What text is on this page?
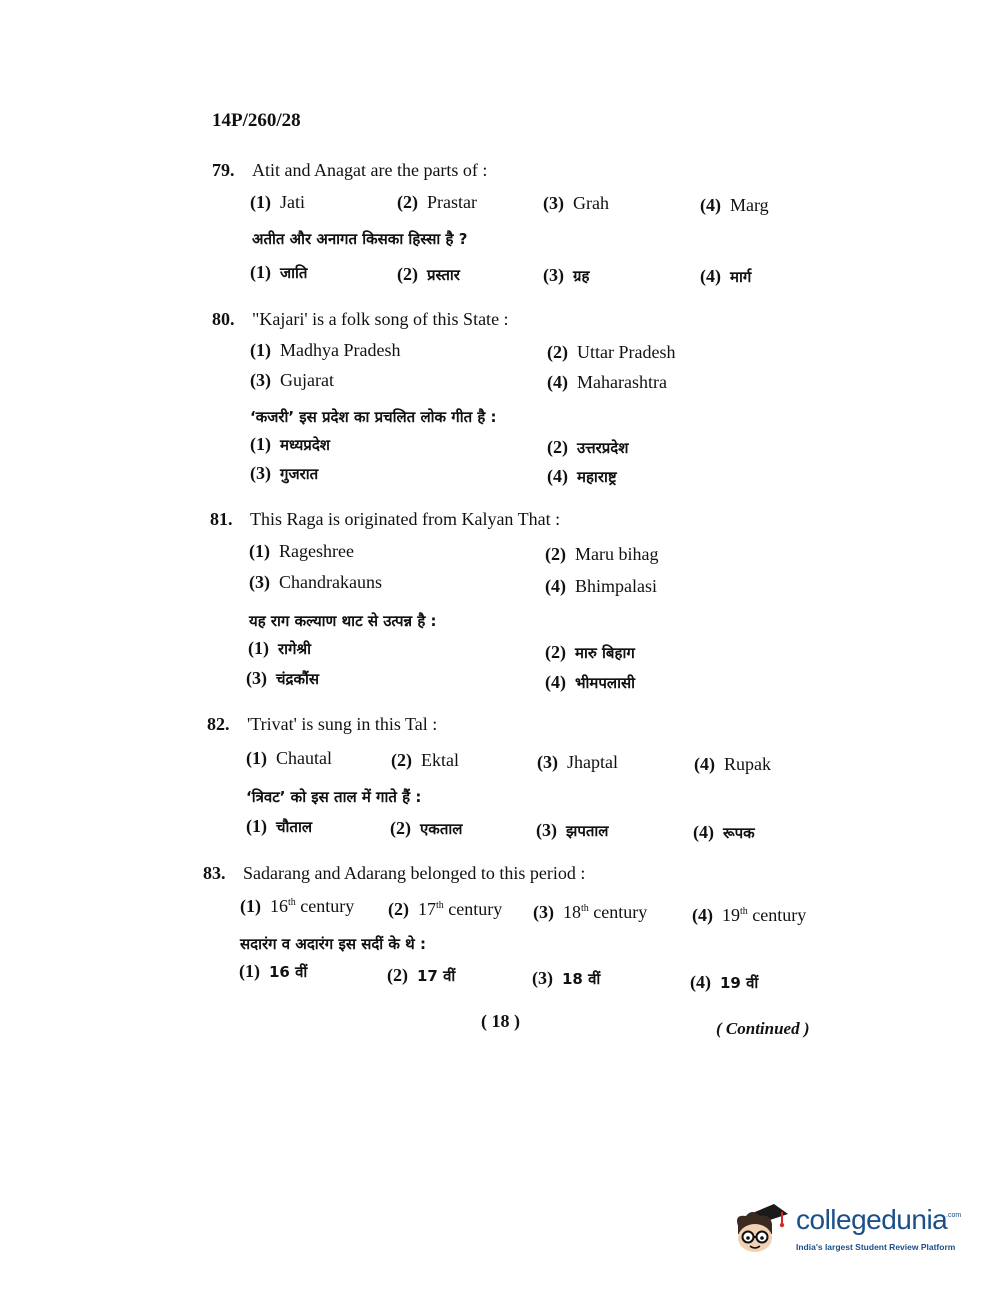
14P/260/28
79. Atit and Anagat are the parts of :
(1) Jati	(2) Prastar	(3) Grah	(4) Marg
अतीत और अनागत किसका हिस्सा है ?
(1) जाति	(2) प्रस्तार	(3) ग्रह	(4) मार्ग
80. "Kajari' is a folk song of this State :
(1) Madhya Pradesh	(2) Uttar Pradesh
(3) Gujarat	(4) Maharashtra
‘कजरी’ इस प्रदेश का प्रचलित लोक गीत है :
(1) मध्यप्रदेश	(2) उत्तरप्रदेश
(3) गुजरात	(4) महाराष्ट्र
81. This Raga is originated from Kalyan That :
(1) Rageshree	(2) Maru bihag
(3) Chandrakauns	(4) Bhimpalasi
यह राग कल्याण थाट से उत्पन्न है :
(1) रागेश्री	(2) मारु बिहाग
(3) चंद्रकौंस	(4) भीमपलासी
82. 'Trivat' is sung in this Tal :
(1) Chautal	(2) Ektal	(3) Jhaptal	(4) Rupak
‘त्रिवट’ को इस ताल में गाते हैं :
(1) चौताल	(2) एकताल	(3) झपताल	(4) रूपक
83. Sadarang and Adarang belonged to this period :
(1) 16th century (2) 17th century (3) 18th century (4) 19th century
सदारंग व अदारंग इस सदीं के थे :
(1) 16 वीं	(2) 17 वीं	(3) 18 वीं	(4) 19 वीं
( 18 )	( Continued )
collegedunia
.com
India's largest Student Review Platform
